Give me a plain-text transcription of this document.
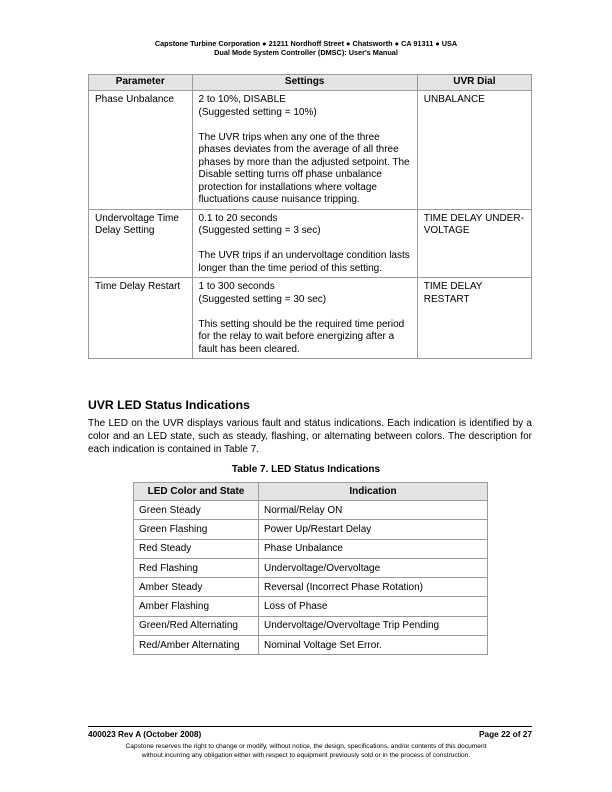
Capstone Turbine Corporation ● 21211 Nordhoff Street ● Chatsworth ● CA 91311 ● USA
Dual Mode System Controller (DMSC): User's Manual
Parameter	Settings	UVR Dial
Phase Unbalance	2 to 10%, DISABLE
(Suggested setting = 10%)
The UVR trips when any one of the three phases deviates from the average of all three phases by more than the adjusted setpoint. The Disable setting turns off phase unbalance protection for installations where voltage fluctuations cause nuisance tripping.	UNBALANCE
Undervoltage Time Delay Setting	0.1 to 20 seconds
(Suggested setting = 3 sec)
The UVR trips if an undervoltage condition lasts longer than the time period of this setting.	TIME DELAY UNDER-VOLTAGE
Time Delay Restart	1 to 300 seconds
(Suggested setting = 30 sec)
This setting should be the required time period for the relay to wait before energizing after a fault has been cleared.	TIME DELAY RESTART
UVR LED Status Indications
The LED on the UVR displays various fault and status indications. Each indication is identified by a color and an LED state, such as steady, flashing, or alternating between colors. The description for each indication is contained in Table 7.
Table 7. LED Status Indications
LED Color and State	Indication
Green Steady	Normal/Relay ON
Green Flashing	Power Up/Restart Delay
Red Steady	Phase Unbalance
Red Flashing	Undervoltage/Overvoltage
Amber Steady	Reversal (Incorrect Phase Rotation)
Amber Flashing	Loss of Phase
Green/Red Alternating	Undervoltage/Overvoltage Trip Pending
Red/Amber Alternating	Nominal Voltage Set Error.
400023 Rev A (October 2008)	Page 22 of 27
Capstone reserves the right to change or modify, without notice, the design, specifications, and/or contents of this document
without incurring any obligation either with respect to equipment previously sold or in the process of construction.
